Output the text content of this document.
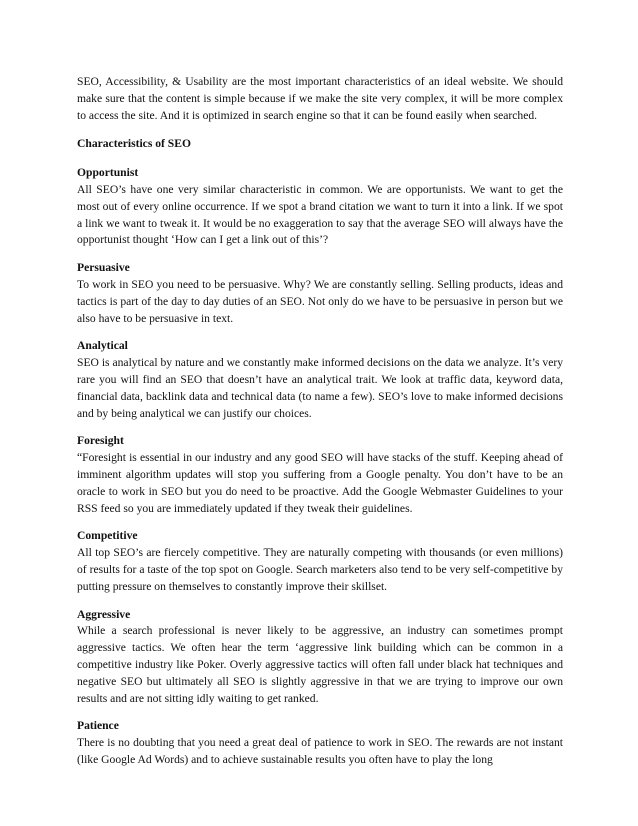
SEO, Accessibility, & Usability are the most important characteristics of an ideal website. We should make sure that the content is simple because if we make the site very complex, it will be more complex to access the site. And it is optimized in search engine so that it can be found easily when searched.

Characteristics of SEO

Opportunist

All SEO’s have one very similar characteristic in common. We are opportunists. We want to get the most out of every online occurrence. If we spot a brand citation we want to turn it into a link. If we spot a link we want to tweak it. It would be no exaggeration to say that the average SEO will always have the opportunist thought ‘How can I get a link out of this’?

Persuasive

To work in SEO you need to be persuasive. Why? We are constantly selling. Selling products, ideas and tactics is part of the day to day duties of an SEO. Not only do we have to be persuasive in person but we also have to be persuasive in text.

Analytical

SEO is analytical by nature and we constantly make informed decisions on the data we analyze. It’s very rare you will find an SEO that doesn’t have an analytical trait. We look at traffic data, keyword data, financial data, backlink data and technical data (to name a few). SEO’s love to make informed decisions and by being analytical we can justify our choices.

Foresight

“Foresight is essential in our industry and any good SEO will have stacks of the stuff. Keeping ahead of imminent algorithm updates will stop you suffering from a Google penalty. You don’t have to be an oracle to work in SEO but you do need to be proactive. Add the Google Webmaster Guidelines to your RSS feed so you are immediately updated if they tweak their guidelines.

Competitive

All top SEO’s are fiercely competitive. They are naturally competing with thousands (or even millions) of results for a taste of the top spot on Google. Search marketers also tend to be very self-competitive by putting pressure on themselves to constantly improve their skillset.

Aggressive

While a search professional is never likely to be aggressive, an industry can sometimes prompt aggressive tactics. We often hear the term ‘aggressive link building which can be common in a competitive industry like Poker. Overly aggressive tactics will often fall under black hat techniques and negative SEO but ultimately all SEO is slightly aggressive in that we are trying to improve our own results and are not sitting idly waiting to get ranked.

Patience

There is no doubting that you need a great deal of patience to work in SEO. The rewards are not instant (like Google Ad Words) and to achieve sustainable results you often have to play the long
